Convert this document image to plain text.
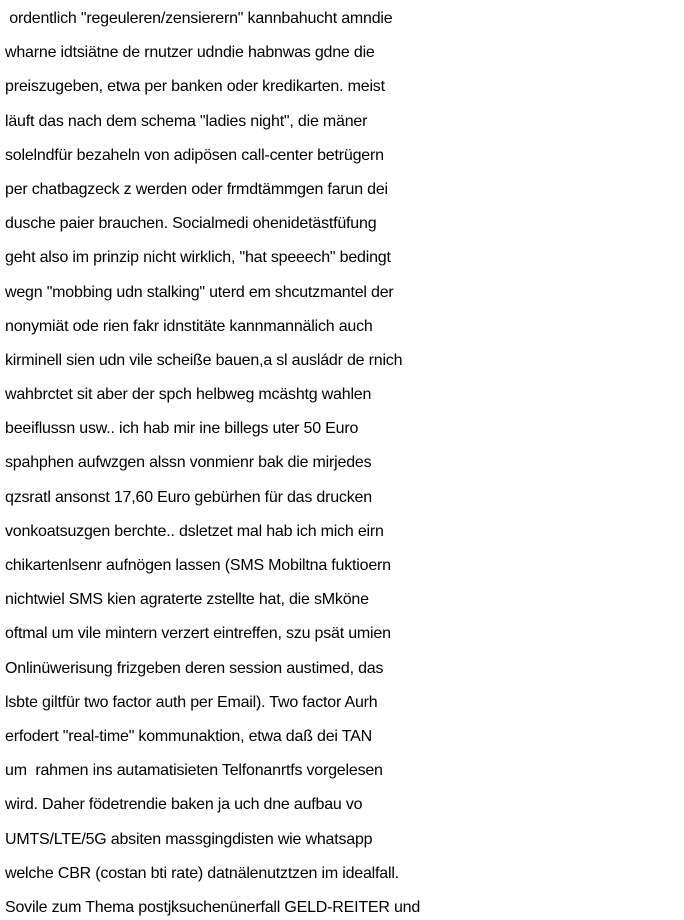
ordentlich "regeuleren/zensierern" kannbahucht amndie
wharne idtsiätne de rnutzer udndie habnwas gdne die
preiszugeben, etwa per banken oder kredikarten. meist
läuft das nach dem schema "ladies night", die mäner
solelndfür bezaheln von adipösen call-center betrügern
per chatbagzeck z werden oder frmdtämmgen farun dei
dusche paier brauchen. Socialmedi ohenidetästfüfung
geht also im prinzip nicht wirklich, "hat speeech" bedingt
wegn "mobbing udn stalking" uterd em shcutzmantel der
nonymiät ode rien fakr idnstitäte kannmannälich auch
kirminell sien udn vile scheiße bauen,a sl ausládr de rnich
wahbrctet sit aber der spch helbweg mcäshtg wahlen
beeiflussn usw.. ich hab mir ine billegs uter 50 Euro
spahphen aufwzgen alssn vonmienr bak die mirjedes
qzsratl ansonst 17,60 Euro gebürhen für das drucken
vonkoatsuzgen berchte.. dsletzet mal hab ich mich eirn
chikartenlsenr aufnögen lassen (SMS Mobiltna fuktioern
nichtwiel SMS kien agraterte zstellte hat, die sMköne
oftmal um vile mintern verzert eintreffen, szu psät umien
Onlinüwerisung frizgeben deren session austimed, das
lsbte giltfür two factor auth per Email). Two factor Aurh
erfodert "real-time" kommunaktion, etwa daß dei TAN
um  rahmen ins autamatisieten Telfonanrtfs vorgelesen
wird. Daher födetrendie baken ja uch dne aufbau vo
UMTS/LTE/5G absiten massgingdisten wie whatsapp
welche CBR (costan bti rate) datnälenutztzen im idealfall.
Sovile zum Thema postjksuchenünerfall GELD-REITER und
